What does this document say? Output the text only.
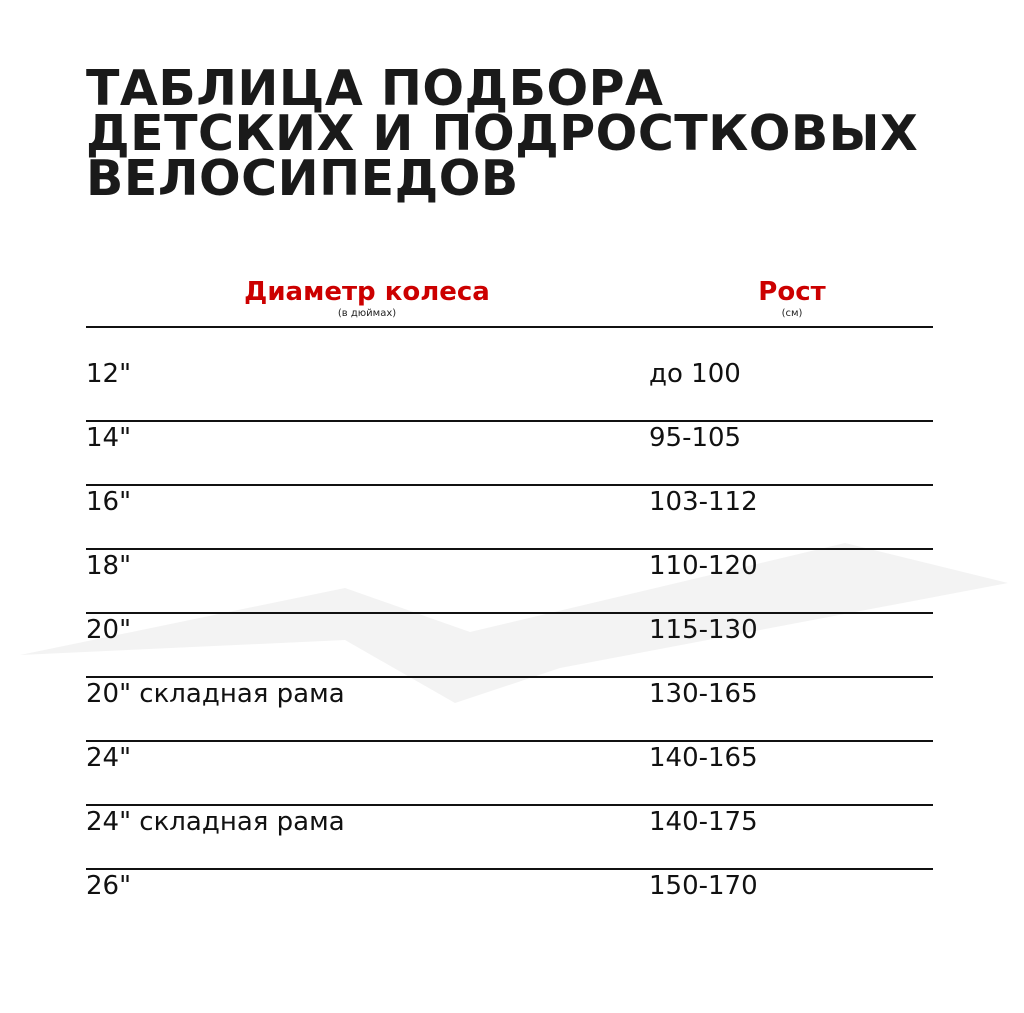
ТАБЛИЦА ПОДБОРА
ДЕТСКИХ И ПОДРОСТКОВЫХ
ВЕЛОСИПЕДОВ
Диаметр колеса
(в дюймах)
Рост
(см)
12"	до 100
14"	95-105
16"	103-112
18"	110-120
20"	115-130
20" складная рама	130-165
24"	140-165
24" складная рама	140-175
26"	150-170
